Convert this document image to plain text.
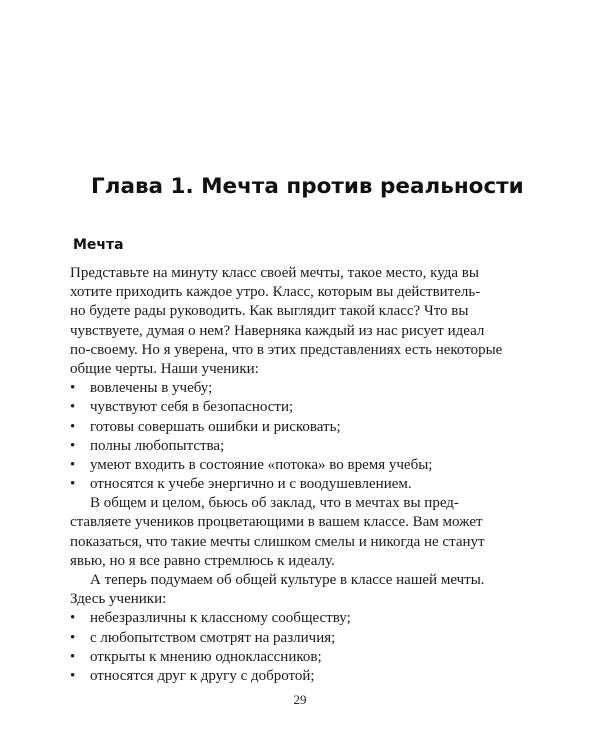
Глава 1. Мечта против реальности
Мечта
Представьте на минуту класс своей мечты, такое место, куда вы
хотите приходить каждое утро. Класс, которым вы действитель-
но будете рады руководить. Как выглядит такой класс? Что вы
чувствуете, думая о нем? Наверняка каждый из нас рисует идеал
по-своему. Но я уверена, что в этих представлениях есть некоторые
общие черты. Наши ученики:
• вовлечены в учебу;
• чувствуют себя в безопасности;
• готовы совершать ошибки и рисковать;
• полны любопытства;
• умеют входить в состояние «потока» во время учебы;
• относятся к учебе энергично и с воодушевлением.
В общем и целом, бьюсь об заклад, что в мечтах вы пред-
ставляете учеников процветающими в вашем классе. Вам может
показаться, что такие мечты слишком смелы и никогда не станут
явью, но я все равно стремлюсь к идеалу.
А теперь подумаем об общей культуре в классе нашей мечты.
Здесь ученики:
• небезразличны к классному сообществу;
• с любопытством смотрят на различия;
• открыты к мнению одноклассников;
• относятся друг к другу с добротой;
29
